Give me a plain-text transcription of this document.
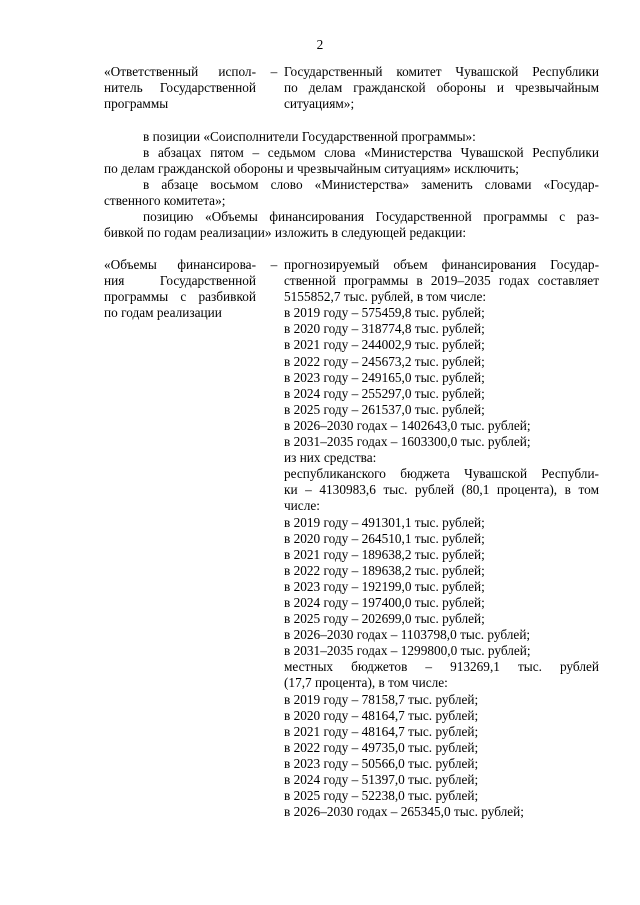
2
«Ответственный испол-
нитель Государственной
программы
– Государственный комитет Чувашской Республики
по делам гражданской обороны и чрезвычайным
ситуациям»;
в позиции «Соисполнители Государственной программы»:
в абзацах пятом – седьмом слова «Министерства Чувашской Республики
по делам гражданской обороны и чрезвычайным ситуациям» исключить;
в абзаце восьмом слово «Министерства» заменить словами «Государ-
ственного комитета»;
позицию «Объемы финансирования Государственной программы с раз-
бивкой по годам реализации» изложить в следующей редакции:
«Объемы финансирова-
ния Государственной
программы с разбивкой
по годам реализации
– прогнозируемый объем финансирования Государ-
ственной программы в 2019–2035 годах составляет
5155852,7 тыс. рублей, в том числе:
в 2019 году – 575459,8 тыс. рублей;
в 2020 году – 318774,8 тыс. рублей;
в 2021 году – 244002,9 тыс. рублей;
в 2022 году – 245673,2 тыс. рублей;
в 2023 году – 249165,0 тыс. рублей;
в 2024 году – 255297,0 тыс. рублей;
в 2025 году – 261537,0 тыс. рублей;
в 2026–2030 годах – 1402643,0 тыс. рублей;
в 2031–2035 годах – 1603300,0 тыс. рублей;
из них средства:
республиканского бюджета Чувашской Республи-
ки – 4130983,6 тыс. рублей (80,1 процента), в том
числе:
в 2019 году – 491301,1 тыс. рублей;
в 2020 году – 264510,1 тыс. рублей;
в 2021 году – 189638,2 тыс. рублей;
в 2022 году – 189638,2 тыс. рублей;
в 2023 году – 192199,0 тыс. рублей;
в 2024 году – 197400,0 тыс. рублей;
в 2025 году – 202699,0 тыс. рублей;
в 2026–2030 годах – 1103798,0 тыс. рублей;
в 2031–2035 годах – 1299800,0 тыс. рублей;
местных бюджетов – 913269,1 тыс. рублей
(17,7 процента), в том числе:
в 2019 году – 78158,7 тыс. рублей;
в 2020 году – 48164,7 тыс. рублей;
в 2021 году – 48164,7 тыс. рублей;
в 2022 году – 49735,0 тыс. рублей;
в 2023 году – 50566,0 тыс. рублей;
в 2024 году – 51397,0 тыс. рублей;
в 2025 году – 52238,0 тыс. рублей;
в 2026–2030 годах – 265345,0 тыс. рублей;
